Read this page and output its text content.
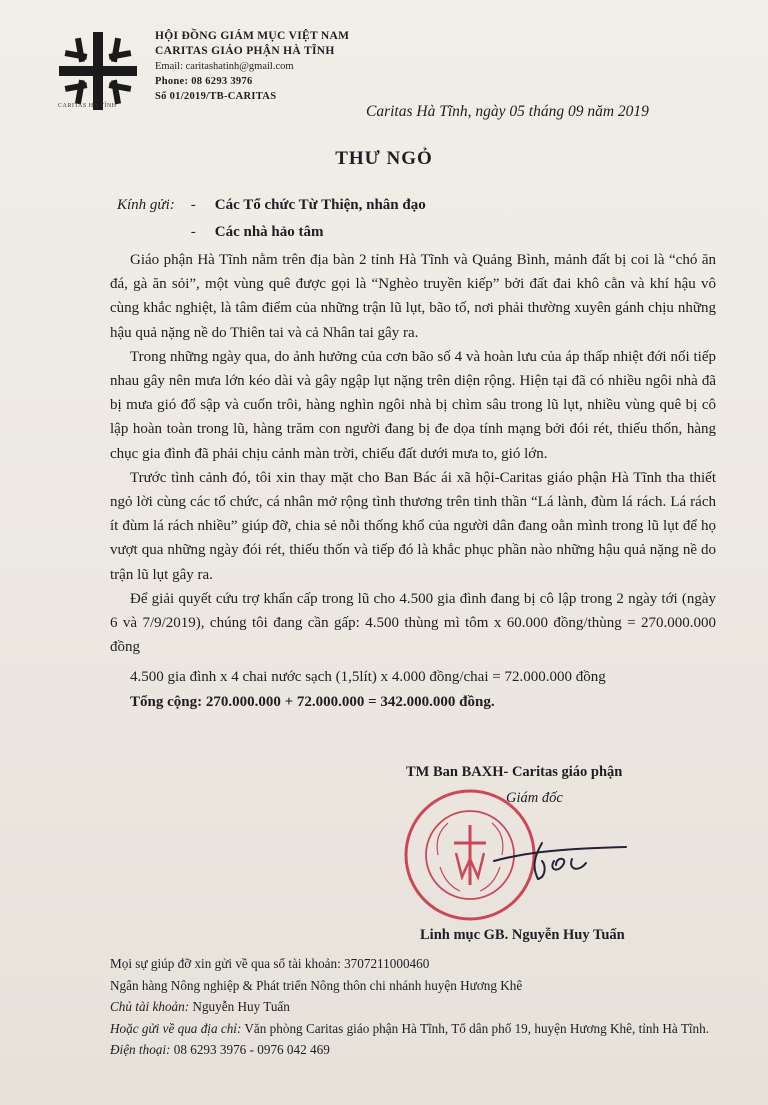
CARITAS HÀ TĨNH
HỘI ĐỒNG GIÁM MỤC VIỆT NAM
CARITAS GIÁO PHẬN HÀ TĨNH
Email: caritashatinh@gmail.com
Phone: 08 6293 3976
Số 01/2019/TB-CARITAS
Caritas Hà Tĩnh, ngày 05 tháng 09 năm 2019
THƯ NGỎ
Kính gửi: - Các Tổ chức Từ Thiện, nhân đạo
- Các nhà hảo tâm

Giáo phận Hà Tĩnh nằm trên địa bàn 2 tỉnh Hà Tĩnh và Quảng Bình, mảnh đất bị coi là “chó ăn đá, gà ăn sỏi”, một vùng quê được gọi là “Nghèo truyền kiếp” bởi đất đai khô cằn và khí hậu vô cùng khắc nghiệt, là tâm điểm của những trận lũ lụt, bão tố, nơi phải thường xuyên gánh chịu những hậu quả nặng nề do Thiên tai và cả Nhân tai gây ra.

Trong những ngày qua, do ảnh hưởng của cơn bão số 4 và hoàn lưu của áp thấp nhiệt đới nối tiếp nhau gây nên mưa lớn kéo dài và gây ngập lụt nặng trên diện rộng. Hiện tại đã có nhiều ngôi nhà đã bị mưa gió đổ sập và cuốn trôi, hàng nghìn ngôi nhà bị chìm sâu trong lũ lụt, nhiều vùng quê bị cô lập hoàn toàn trong lũ, hàng trăm con người đang bị đe dọa tính mạng bởi đói rét, thiếu thốn, hàng chục gia đình đã phải chịu cảnh màn trời, chiếu đất dưới mưa to, gió lớn.

Trước tình cảnh đó, tôi xin thay mặt cho Ban Bác ái xã hội-Caritas giáo phận Hà Tĩnh tha thiết ngỏ lời cùng các tổ chức, cá nhân mở rộng tình thương trên tinh thần “Lá lành, đùm lá rách. Lá rách ít đùm lá rách nhiều” giúp đỡ, chia sẻ nỗi thống khổ của người dân đang oằn mình trong lũ lụt để họ vượt qua những ngày đói rét, thiếu thốn và tiếp đó là khắc phục phần nào những hậu quả nặng nề do trận lũ lụt gây ra.

Để giải quyết cứu trợ khẩn cấp trong lũ cho 4.500 gia đình đang bị cô lập trong 2 ngày tới (ngày 6 và 7/9/2019), chúng tôi đang cần gấp: 4.500 thùng mì tôm x 60.000 đồng/thùng = 270.000.000 đồng

4.500 gia đình x 4 chai nước sạch (1,5lít) x 4.000 đồng/chai = 72.000.000 đồng

Tổng cộng: 270.000.000 + 72.000.000 = 342.000.000 đồng.

TM Ban BAXH- Caritas giáo phận
Giám đốc
Linh mục GB. Nguyễn Huy Tuấn
Mọi sự giúp đỡ xin gửi về qua số tài khoản: 3707211000460
Ngân hàng Nông nghiệp & Phát triển Nông thôn chi nhánh huyện Hương Khê
Chủ tài khoản: Nguyễn Huy Tuấn
Hoặc gửi về qua địa chỉ: Văn phòng Caritas giáo phận Hà Tĩnh, Tổ dân phố 19, huyện Hương Khê, tỉnh Hà Tĩnh.
Điện thoại: 08 6293 3976 - 0976 042 469
